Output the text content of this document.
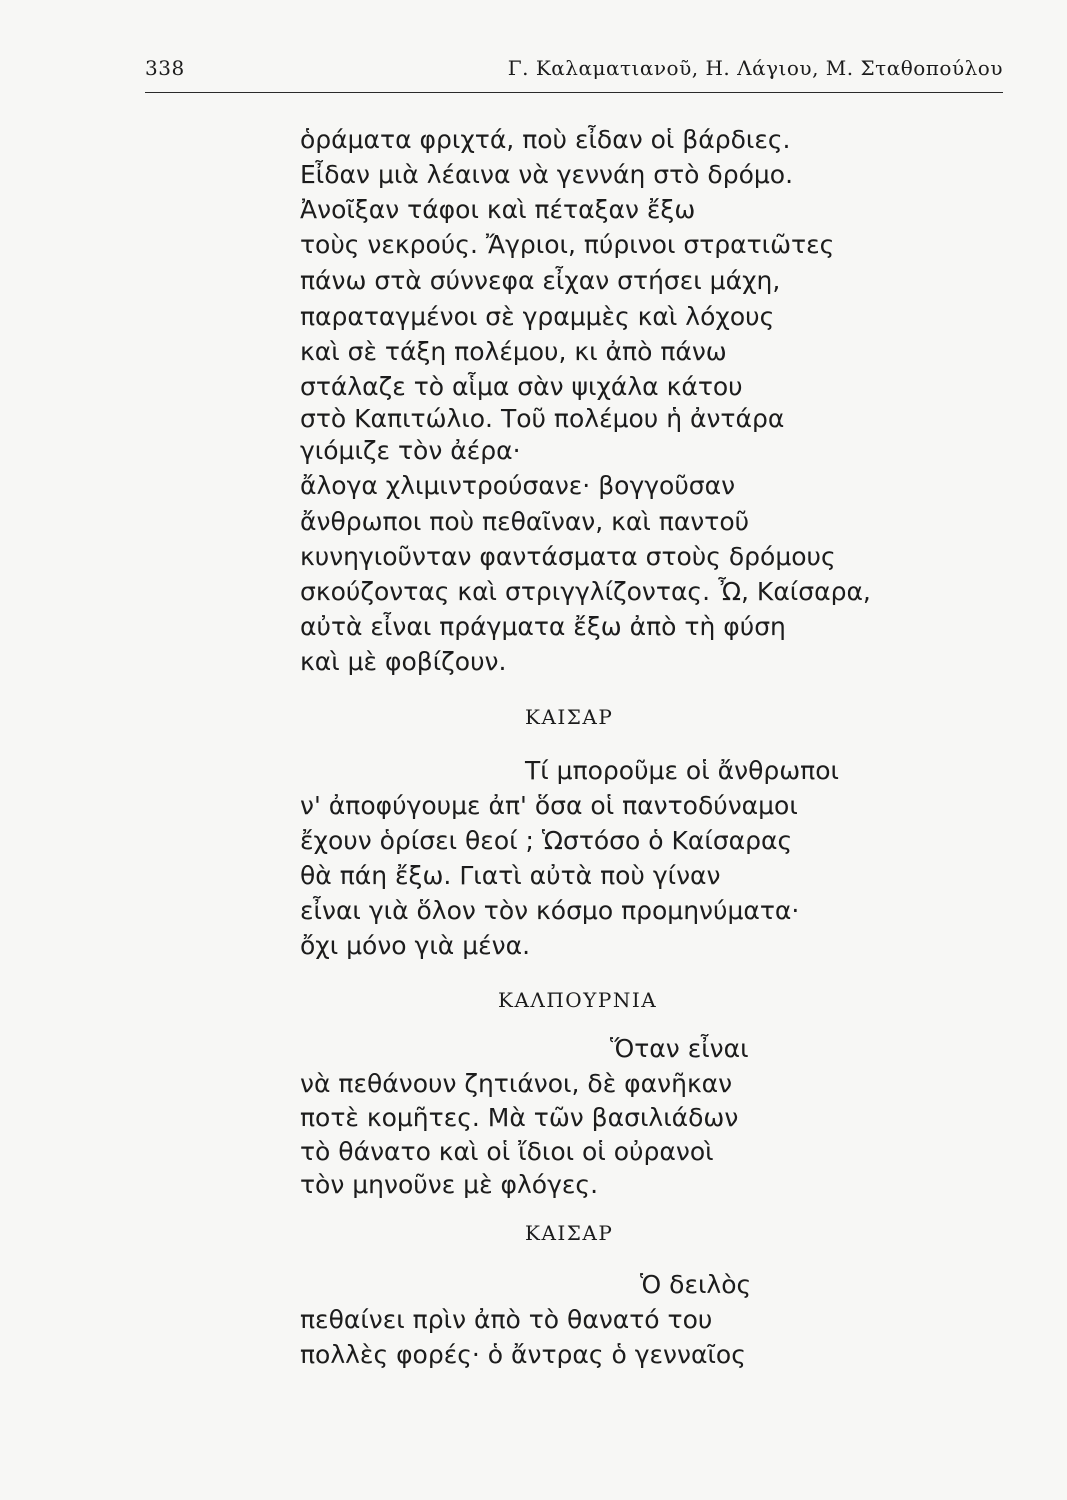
338	Γ. Καλαματιανοῦ, Η. Λάγιου, Μ. Σταθοπούλου
ὁράματα φριχτά, ποὺ εἶδαν οἱ βάρδιες.
Εἶδαν μιὰ λέαινα νὰ γεννάη στὸ δρόμο.
Ἀνοῖξαν τάφοι καὶ πέταξαν ἔξω
τοὺς νεκρούς. Ἄγριοι, πύρινοι στρατιῶτες
πάνω στὰ σύννεφα εἶχαν στήσει μάχη,
παραταγμένοι σὲ γραμμὲς καὶ λόχους
καὶ σὲ τάξη πολέμου, κι ἀπὸ πάνω
στάλαζε τὸ αἷμα σὰν ψιχάλα κάτου
στὸ Καπιτώλιο. Τοῦ πολέμου ἡ ἀντάρα
γιόμιζε τὸν ἀέρα·
ἄλογα χλιμιντρούσανε· βογγοῦσαν
ἄνθρωποι ποὺ πεθαῖναν, καὶ παντοῦ
κυνηγιοῦνταν φαντάσματα στοὺς δρόμους
σκούζοντας καὶ στριγγλίζοντας. Ὦ, Καίσαρα,
αὐτὰ εἶναι πράγματα ἔξω ἀπὸ τὴ φύση
καὶ μὲ φοβίζουν.
ΚΑΙΣΑΡ
Τί μποροῦμε οἱ ἄνθρωποι
ν' ἀποφύγουμε ἀπ' ὅσα οἱ παντοδύναμοι
ἔχουν ὁρίσει θεοί ; Ὡστόσο ὁ Καίσαρας
θὰ πάη ἔξω. Γιατὶ αὐτὰ ποὺ γίναν
εἶναι γιὰ ὅλον τὸν κόσμο προμηνύματα·
ὄχι μόνο γιὰ μένα.
ΚΑΛΠΟΥΡΝΙΑ
Ὅταν εἶναι
νὰ πεθάνουν ζητιάνοι, δὲ φανῆκαν
ποτὲ κομῆτες. Μὰ τῶν βασιλιάδων
τὸ θάνατο καὶ οἱ ἴδιοι οἱ οὐρανοὶ
τὸν μηνοῦνε μὲ φλόγες.
ΚΑΙΣΑΡ
Ὁ δειλὸς
πεθαίνει πρὶν ἀπὸ τὸ θανατό του
πολλὲς φορές· ὁ ἄντρας ὁ γενναῖος
